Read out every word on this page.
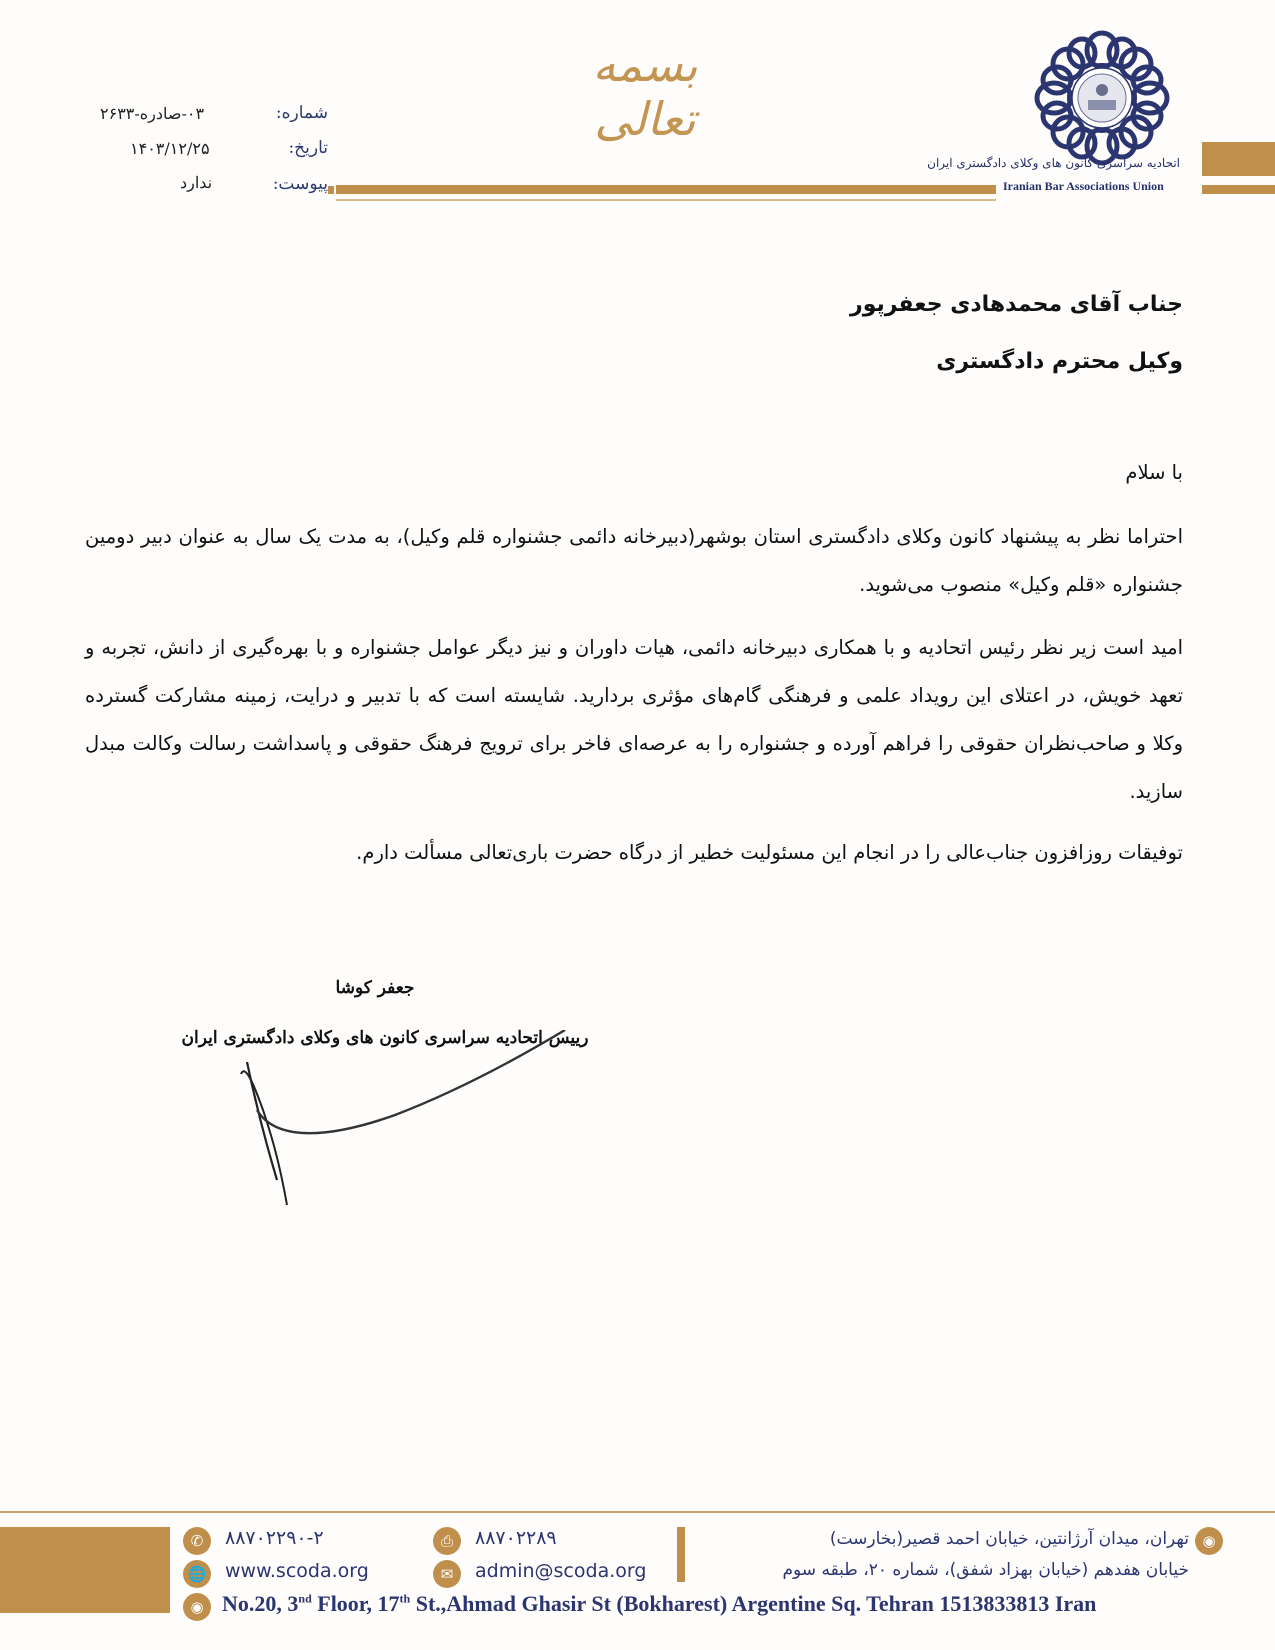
بسمه تعالی
اتحادیه سراسری کانون های وکلای دادگستری ایران
Iranian Bar Associations Union
شماره:
۰۳-صادره-۲۶۳۳
تاریخ:
۱۴۰۳/۱۲/۲۵
پیوست:
ندارد
جناب آقای محمدهادی جعفرپور
وکیل محترم دادگستری
با سلام
احتراما نظر به پیشنهاد کانون وکلای دادگستری استان بوشهر(دبیرخانه دائمی جشنواره قلم وکیل)، به مدت یک سال به عنوان دبیر دومین جشنواره «قلم وکیل» منصوب می‌شوید.
امید است زیر نظر رئیس اتحادیه و با همکاری دبیرخانه دائمی، هیات داوران و نیز دیگر عوامل جشنواره و با بهره‌گیری از دانش، تجربه و تعهد خویش، در اعتلای این رویداد علمی و فرهنگی گام‌های مؤثری بردارید. شایسته است که با تدبیر و درایت، زمینه مشارکت گسترده وکلا و صاحب‌نظران حقوقی را فراهم آورده و جشنواره را به عرصه‌ای فاخر برای ترویج فرهنگ حقوقی و پاسداشت رسالت وکالت مبدل سازید.
توفیقات روزافزون جناب‌عالی را در انجام این مسئولیت خطیر از درگاه حضرت باری‌تعالی مسألت دارم.
جعفر کوشا
رییس اتحادیه سراسری کانون های وکلای دادگستری ایران
✆	۸۸۷۰۲۲۹۰-۲	⎙	۸۸۷۰۲۲۸۹
🌐 www.scoda.org	✉	admin@scoda.org
◉
تهران، میدان آرژانتین، خیابان احمد قصیر(بخارست)
خیابان هفدهم (خیابان بهزاد شفق)، شماره ۲۰، طبقه سوم
◉ No.20, 3nd Floor, 17th St.,Ahmad Ghasir St (Bokharest) Argentine Sq. Tehran 1513833813 Iran
